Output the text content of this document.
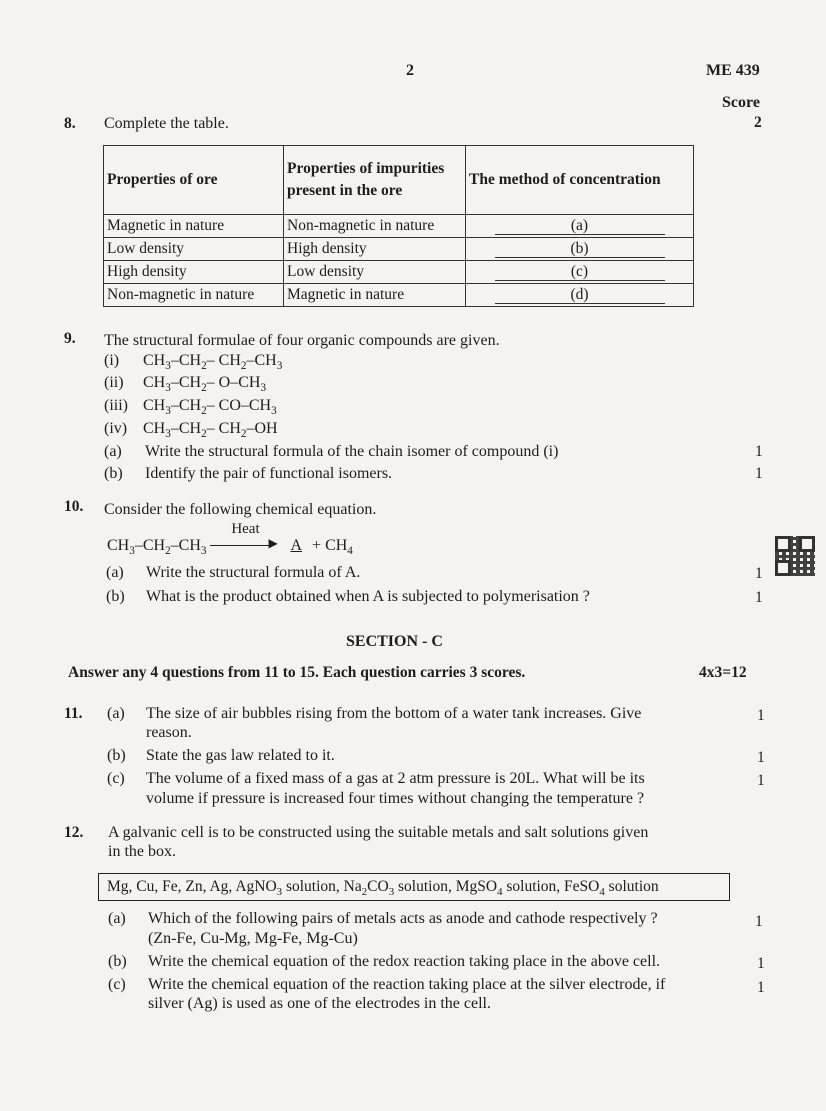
2	ME 439
Score
8. Complete the table.	2
Properties of ore	Properties of impurities present in the ore	The method of concentration
Magnetic in nature	Non-magnetic in nature	(a)
Low density	High density	(b)
High density	Low density	(c)
Non-magnetic in nature	Magnetic in nature	(d)
9. The structural formulae of four organic compounds are given.
(i) $CH_3-CH_2-$ $CH_2-CH_3$
(ii) $CH_3-CH_2-$ $O-CH_3$
(iii) $CH_3-CH_2-$ $CO-CH_3$
(iv) $CH_3-CH_2-$ $CH_2-OH$
(a) Write the structural formula of the chain isomer of compound (i)	1
(b) Identify the pair of functional isomers.	1
10. Consider the following chemical equation.
$CH_3-CH_2-CH_3$
Heat
▶ $A + CH_4$
(a) Write the structural formula of A.	1
(b) What is the product obtained when A is subjected to polymerisation ?	1
SECTION - C
Answer any 4 questions from 11 to 15. Each question carries 3 scores.	4x3=12
11. (a) The size of air bubbles rising from the bottom of a water tank increases. Give
reason.
1
(b) State the gas law related to it.	1
(c) The volume of a fixed mass of a gas at 2 atm pressure is 20L. What will be its
volume if pressure is increased four times without changing the temperature ?
1
12. A galvanic cell is to be constructed using the suitable metals and salt solutions given
in the box.
Mg, Cu, Fe, Zn, Ag, AgNO$_3$ solution, $Na_2CO_3$ solution, MgSO$_4$ solution, FeSO$_4$ solution
(a) Which of the following pairs of metals acts as anode and cathode respectively ?
(Zn-Fe, Cu-Mg, Mg-Fe, Mg-Cu)
1
(b) Write the chemical equation of the redox reaction taking place in the above cell.	1
(c) Write the chemical equation of the reaction taking place at the silver electrode, if
silver (Ag) is used as one of the electrodes in the cell.
1
